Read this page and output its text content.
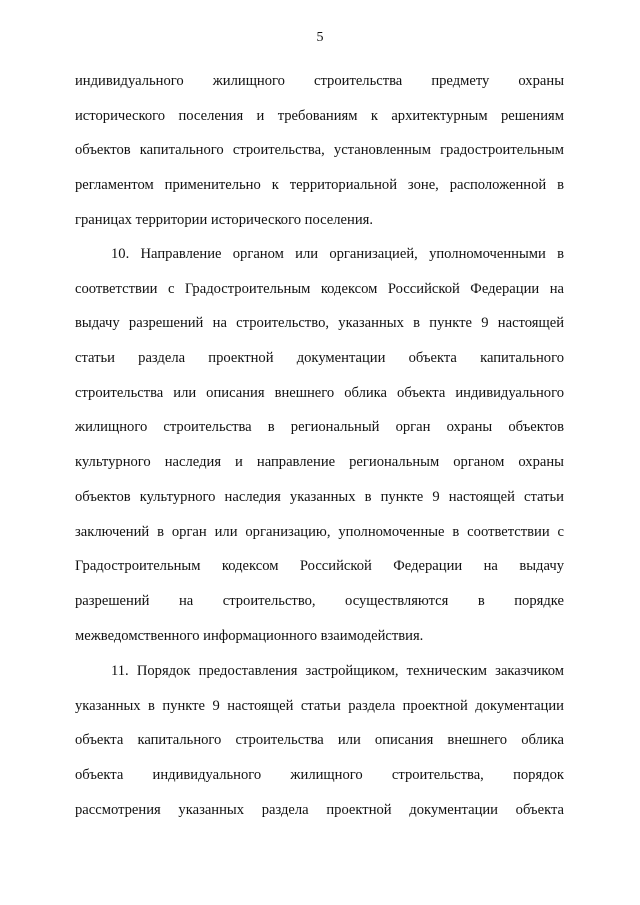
5
индивидуального жилищного строительства предмету охраны
исторического поселения и требованиям к архитектурным решениям
объектов капитального строительства, установленным градостроительным
регламентом применительно к территориальной зоне, расположенной в
границах территории исторического поселения.
10. Направление органом или организацией, уполномоченными в
соответствии с Градостроительным кодексом Российской Федерации на
выдачу разрешений на строительство, указанных в пункте 9 настоящей
статьи раздела проектной документации объекта капитального
строительства или описания внешнего облика объекта индивидуального
жилищного строительства в региональный орган охраны объектов
культурного наследия и направление региональным органом охраны
объектов культурного наследия указанных в пункте 9 настоящей статьи
заключений в орган или организацию, уполномоченные в соответствии с
Градостроительным кодексом Российской Федерации на выдачу
разрешений на строительство, осуществляются в порядке
межведомственного информационного взаимодействия.
11. Порядок предоставления застройщиком, техническим заказчиком
указанных в пункте 9 настоящей статьи раздела проектной документации
объекта капитального строительства или описания внешнего облика
объекта индивидуального жилищного строительства, порядок
рассмотрения указанных раздела проектной документации объекта
